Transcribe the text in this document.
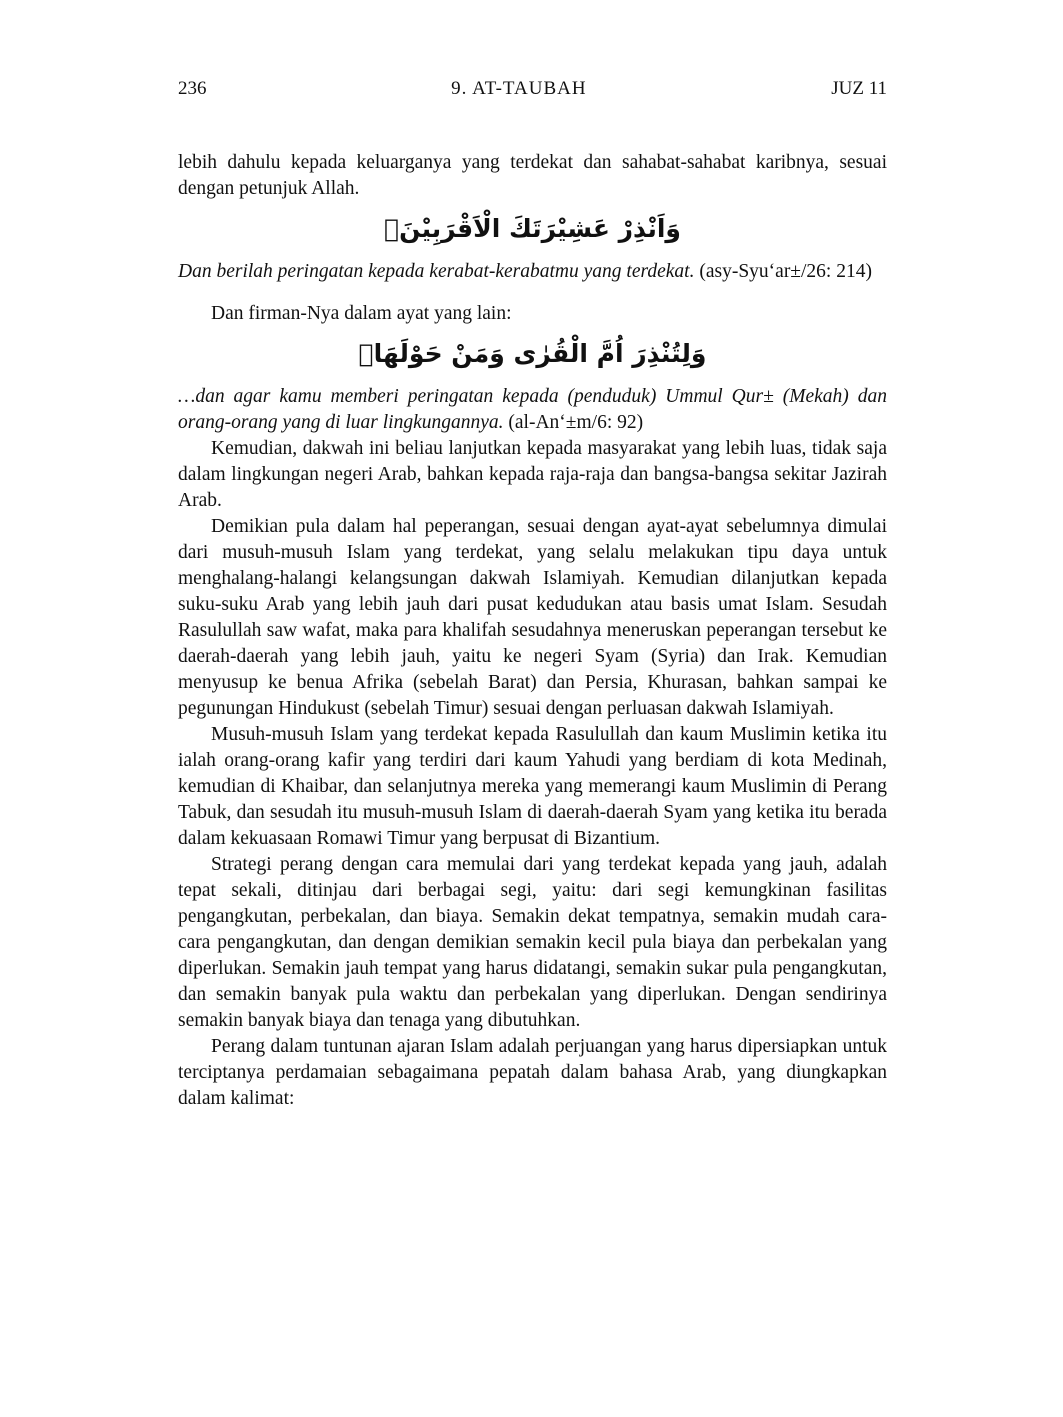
236	9. AT-TAUBAH	JUZ 11

lebih dahulu kepada keluarganya yang terdekat dan sahabat-sahabat karibnya, sesuai dengan petunjuk Allah.

وَاَنْذِرْ عَشِيْرَتَكَ الْاَقْرَبِيْنَۙ

Dan berilah peringatan kepada kerabat-kerabatmu yang terdekat. (asy-Syu‘ar±/26: 214)

Dan firman-Nya dalam ayat yang lain:

وَلِتُنْذِرَ اُمَّ الْقُرٰى وَمَنْ حَوْلَهَاۗ

…dan agar kamu memberi peringatan kepada (penduduk) Ummul Qur± (Mekah) dan orang-orang yang di luar lingkungannya. (al-An‘±m/6: 92)

Kemudian, dakwah ini beliau lanjutkan kepada masyarakat yang lebih luas, tidak saja dalam lingkungan negeri Arab, bahkan kepada raja-raja dan bangsa-bangsa sekitar Jazirah Arab.

Demikian pula dalam hal peperangan, sesuai dengan ayat-ayat sebelumnya dimulai dari musuh-musuh Islam yang terdekat, yang selalu melakukan tipu daya untuk menghalang-halangi kelangsungan dakwah Islamiyah. Kemudian dilanjutkan kepada suku-suku Arab yang lebih jauh dari pusat kedudukan atau basis umat Islam. Sesudah Rasulullah saw wafat, maka para khalifah sesudahnya meneruskan peperangan tersebut ke daerah-daerah yang lebih jauh, yaitu ke negeri Syam (Syria) dan Irak. Kemudian menyusup ke benua Afrika (sebelah Barat) dan Persia, Khurasan, bahkan sampai ke pegunungan Hindukust (sebelah Timur) sesuai dengan perluasan dakwah Islamiyah.

Musuh-musuh Islam yang terdekat kepada Rasulullah dan kaum Muslimin ketika itu ialah orang-orang kafir yang terdiri dari kaum Yahudi yang berdiam di kota Medinah, kemudian di Khaibar, dan selanjutnya mereka yang memerangi kaum Muslimin di Perang Tabuk, dan sesudah itu musuh-musuh Islam di daerah-daerah Syam yang ketika itu berada dalam kekuasaan Romawi Timur yang berpusat di Bizantium.

Strategi perang dengan cara memulai dari yang terdekat kepada yang jauh, adalah tepat sekali, ditinjau dari berbagai segi, yaitu: dari segi kemungkinan fasilitas pengangkutan, perbekalan, dan biaya. Semakin dekat tempatnya, semakin mudah cara-cara pengangkutan, dan dengan demikian semakin kecil pula biaya dan perbekalan yang diperlukan. Semakin jauh tempat yang harus didatangi, semakin sukar pula pengangkutan, dan semakin banyak pula waktu dan perbekalan yang diperlukan. Dengan sendirinya semakin banyak biaya dan tenaga yang dibutuhkan.

Perang dalam tuntunan ajaran Islam adalah perjuangan yang harus dipersiapkan untuk terciptanya perdamaian sebagaimana pepatah dalam bahasa Arab, yang diungkapkan dalam kalimat:
